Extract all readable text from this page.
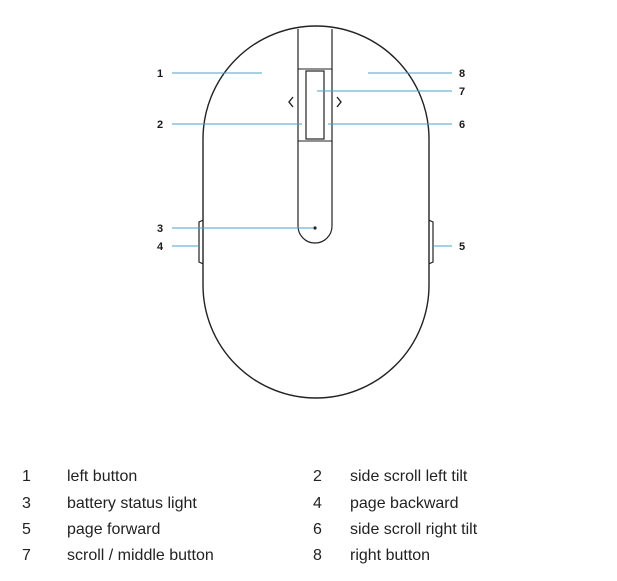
1
2
3
4	5
6
7
8
1 left button	2 side scroll left tilt
3 battery status light	4 page backward
5 page forward	6 side scroll right tilt
7 scroll / middle button	8 right button
